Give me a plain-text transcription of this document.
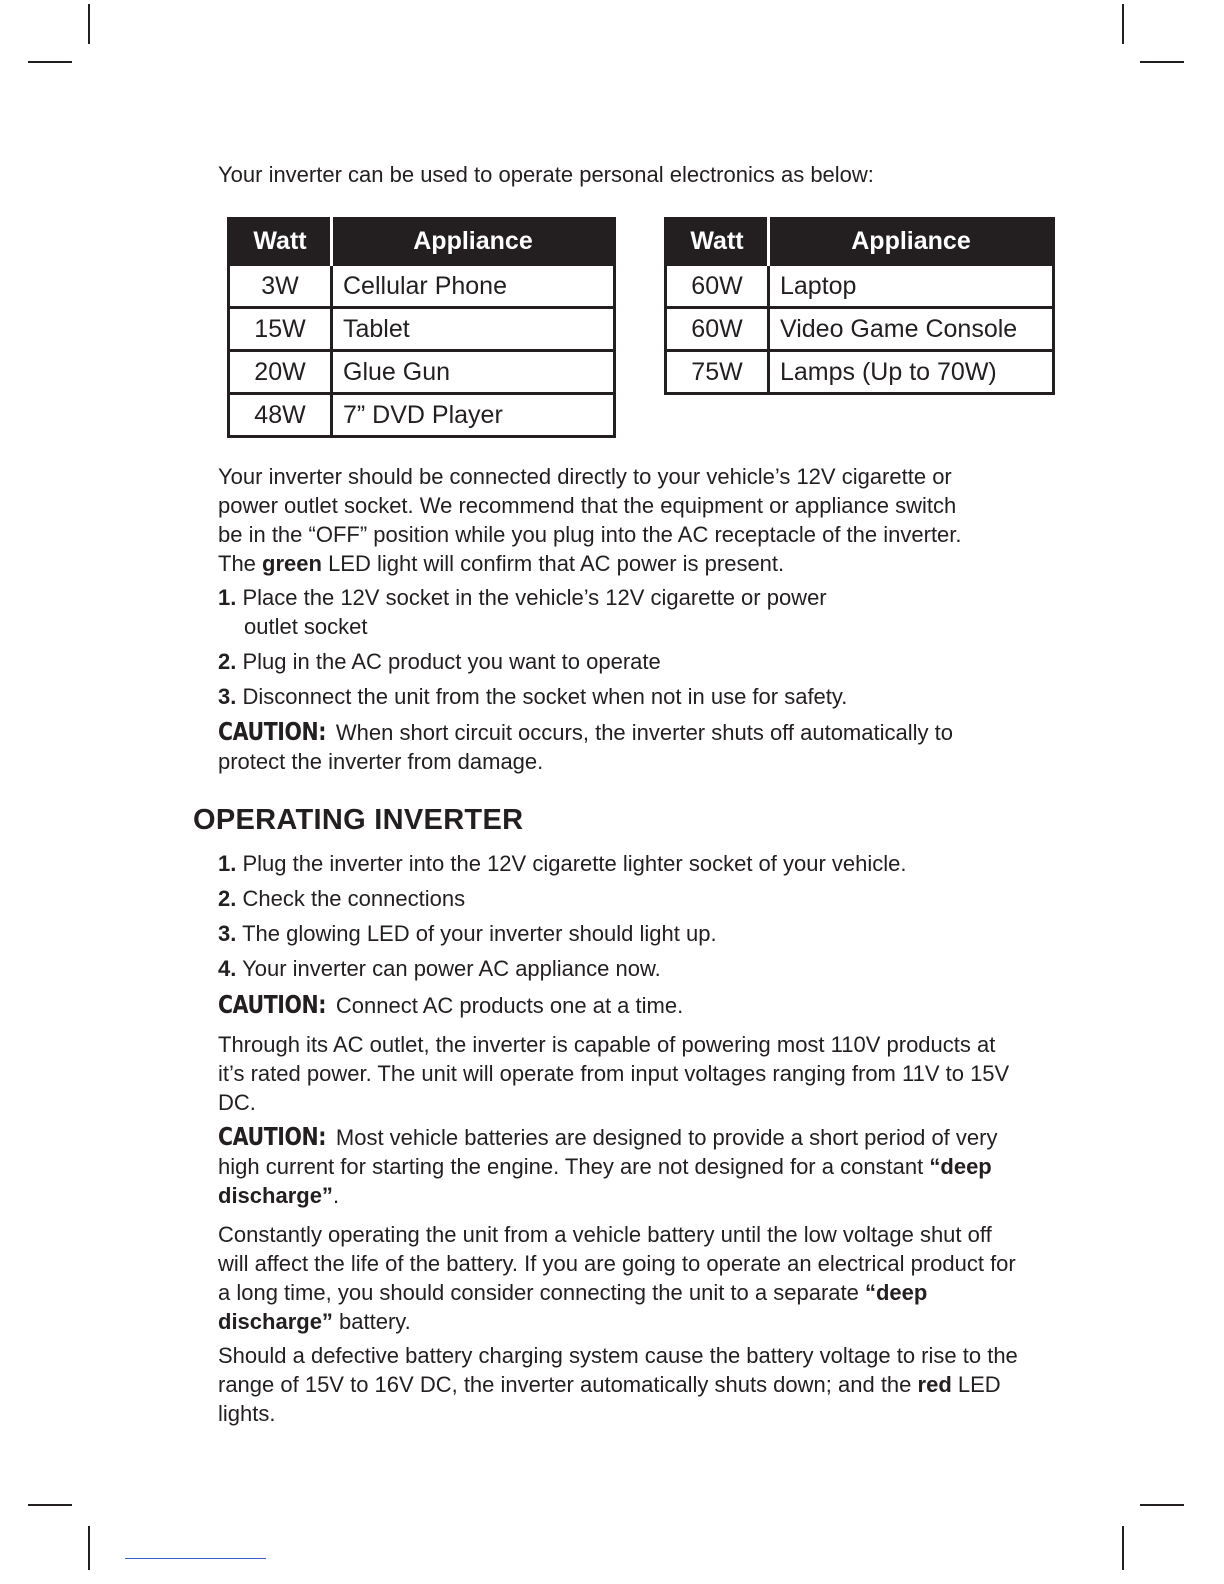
Your inverter can be used to operate personal electronics as below:
Watt	Appliance
3W	Cellular Phone
15W	Tablet
20W	Glue Gun
48W	7” DVD Player
Watt	Appliance
60W	Laptop
60W	Video Game Console
75W	Lamps (Up to 70W)

Your inverter should be connected directly to your vehicle’s 12V cigarette or

power outlet socket. We recommend that the equipment or appliance switch

be in the “OFF” position while you plug into the AC receptacle of the inverter.

The green LED light will confirm that AC power is present.

1. Place the 12V socket in the vehicle’s 12V cigarette or power outlet socket

2. Plug in the AC product you want to operate

3. Disconnect the unit from the socket when not in use for safety.

CAUTION: When short circuit occurs, the inverter shuts off automatically to protect the inverter from damage.

OPERATING INVERTER

1. Plug the inverter into the 12V cigarette lighter socket of your vehicle.

2. Check the connections

3. The glowing LED of your inverter should light up.

4. Your inverter can power AC appliance now.

CAUTION: Connect AC products one at a time.

Through its AC outlet, the inverter is capable of powering most 110V products at it’s rated power. The unit will operate from input voltages ranging from 11V to 15V DC.

CAUTION: Most vehicle batteries are designed to provide a short period of very high current for starting the engine. They are not designed for a constant “deep discharge”.

Constantly operating the unit from a vehicle battery until the low voltage shut off will affect the life of the battery. If you are going to operate an electrical product for a long time, you should consider connecting the unit to a separate “deep discharge” battery.

Should a defective battery charging system cause the battery voltage to rise to the range of 15V to 16V DC, the inverter automatically shuts down; and the red LED lights.
